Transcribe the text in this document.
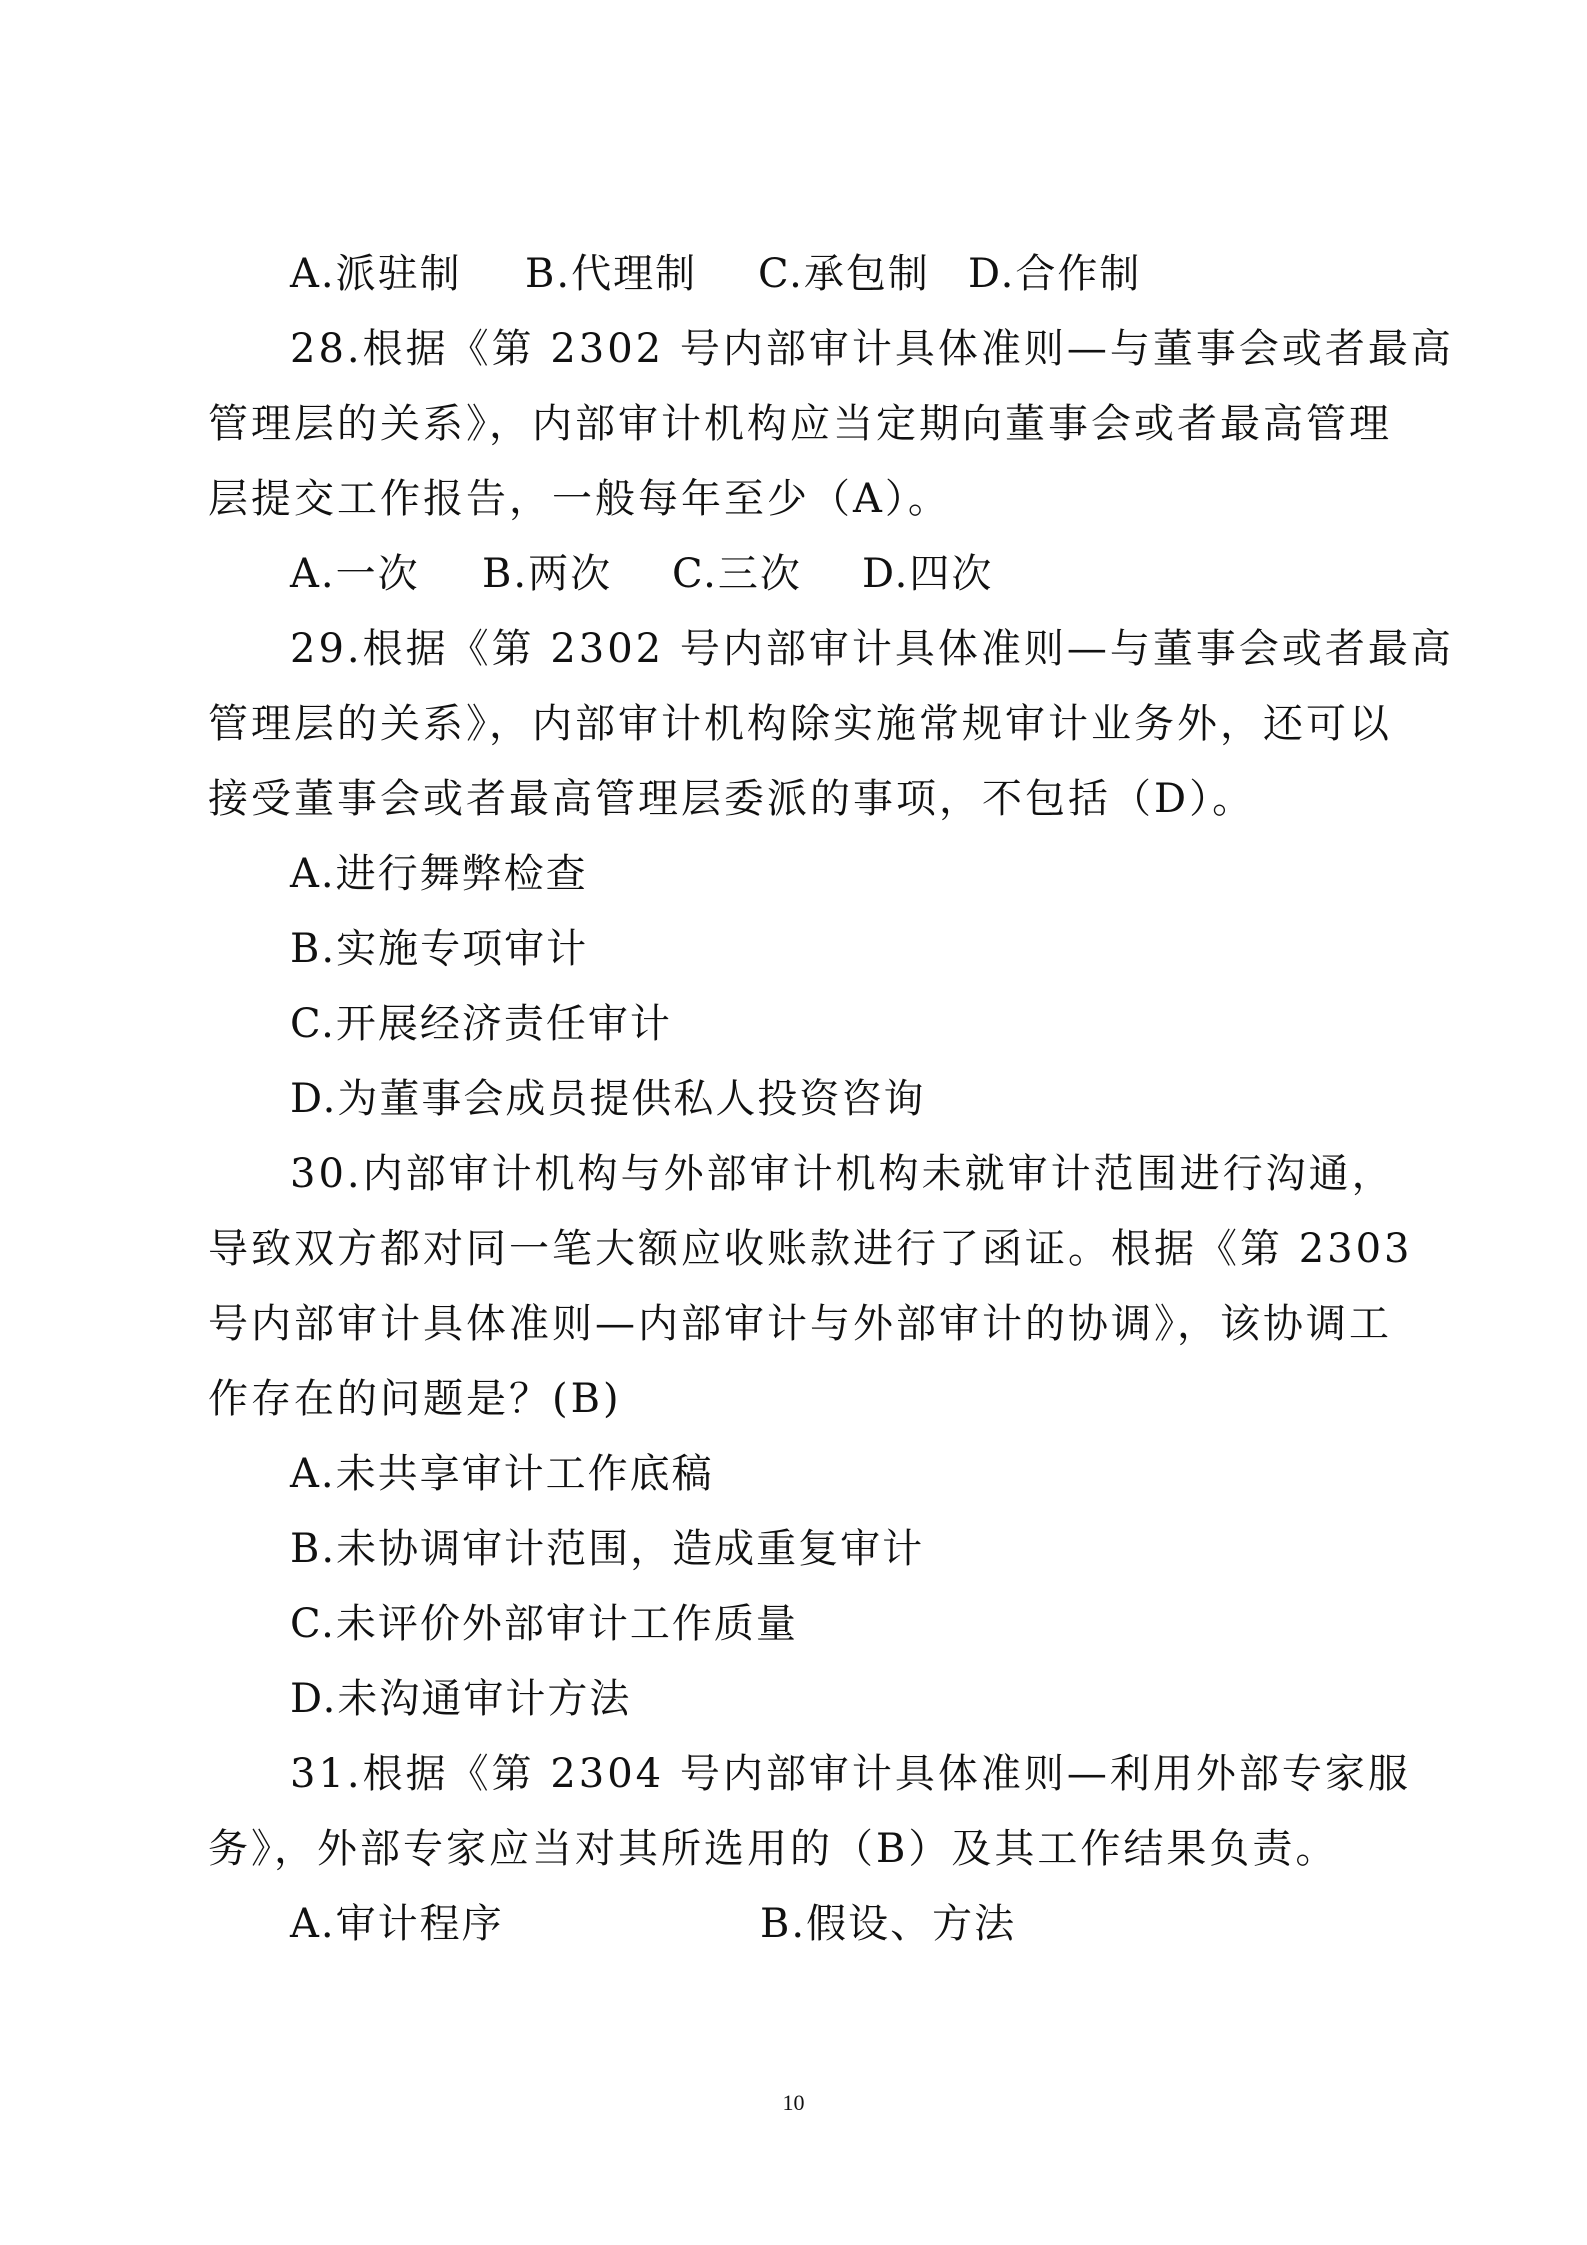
A.派驻制 B.代理制 C.承包制 D.合作制
28.根据《第 2302 号内部审计具体准则—与董事会或者最高
管理层的关系》，内部审计机构应当定期向董事会或者最高管理
层提交工作报告，一般每年至少（A）。
A.一次 B.两次 C.三次 D.四次
29.根据《第 2302 号内部审计具体准则—与董事会或者最高
管理层的关系》，内部审计机构除实施常规审计业务外，还可以
接受董事会或者最高管理层委派的事项，不包括（D）。
A.进行舞弊检查
B.实施专项审计
C.开展经济责任审计
D.为董事会成员提供私人投资咨询
30.内部审计机构与外部审计机构未就审计范围进行沟通，
导致双方都对同一笔大额应收账款进行了函证。根据《第 2303
号内部审计具体准则—内部审计与外部审计的协调》，该协调工
作存在的问题是？(B)
A.未共享审计工作底稿
B.未协调审计范围，造成重复审计
C.未评价外部审计工作质量
D.未沟通审计方法
31.根据《第 2304 号内部审计具体准则—利用外部专家服
务》，外部专家应当对其所选用的（B）及其工作结果负责。
A.审计程序	B.假设、方法
10
